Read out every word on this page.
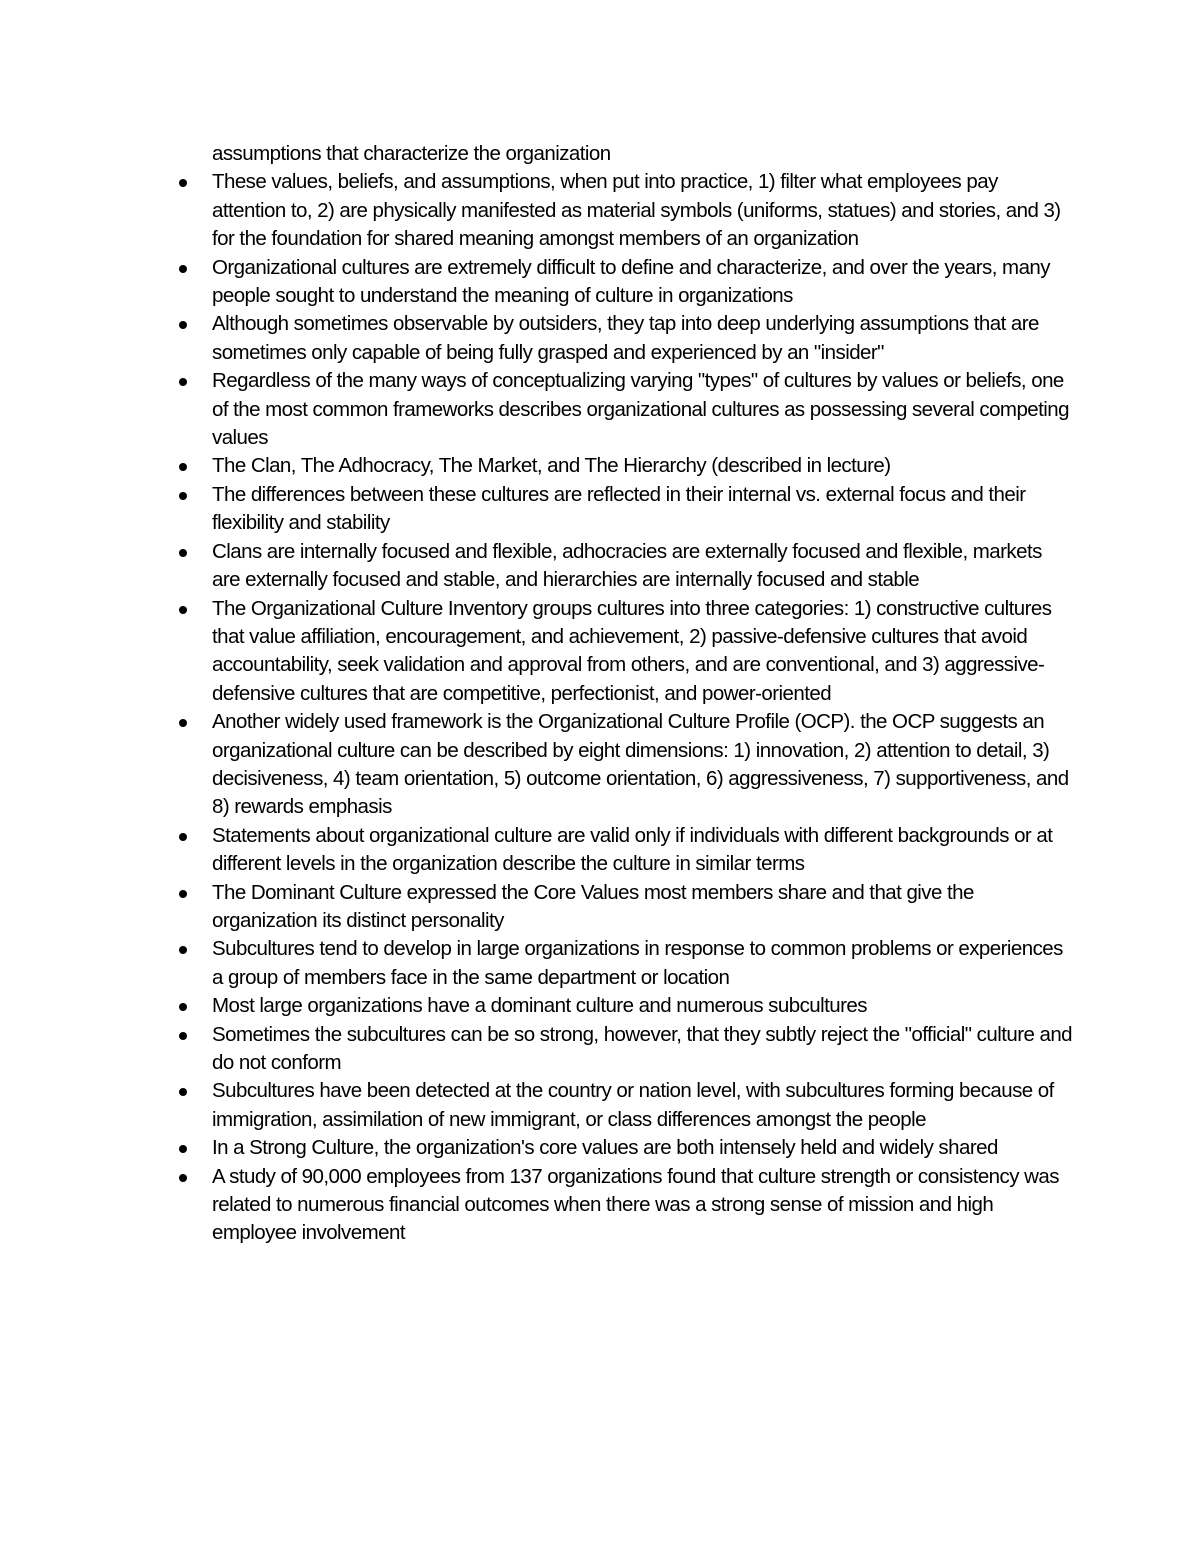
assumptions that characterize the organization

These values, beliefs, and assumptions, when put into practice, 1) filter what employees pay attention to, 2) are physically manifested as material symbols (uniforms, statues) and stories, and 3) for the foundation for shared meaning amongst members of an organization
Organizational cultures are extremely difficult to define and characterize, and over the years, many people sought to understand the meaning of culture in organizations
Although sometimes observable by outsiders, they tap into deep underlying assumptions that are sometimes only capable of being fully grasped and experienced by an "insider"
Regardless of the many ways of conceptualizing varying "types" of cultures by values or beliefs, one of the most common frameworks describes organizational cultures as possessing several competing values
The Clan, The Adhocracy, The Market, and The Hierarchy (described in lecture)
The differences between these cultures are reflected in their internal vs. external focus and their flexibility and stability
Clans are internally focused and flexible, adhocracies are externally focused and flexible, markets are externally focused and stable, and hierarchies are internally focused and stable
The Organizational Culture Inventory groups cultures into three categories: 1) constructive cultures that value affiliation, encouragement, and achievement, 2) passive-defensive cultures that avoid accountability, seek validation and approval from others, and are conventional, and 3) aggressive-defensive cultures that are competitive, perfectionist, and power-oriented
Another widely used framework is the Organizational Culture Profile (OCP). the OCP suggests an organizational culture can be described by eight dimensions: 1) innovation, 2) attention to detail, 3) decisiveness, 4) team orientation, 5) outcome orientation, 6) aggressiveness, 7) supportiveness, and 8) rewards emphasis
Statements about organizational culture are valid only if individuals with different backgrounds or at different levels in the organization describe the culture in similar terms
The Dominant Culture expressed the Core Values most members share and that give the organization its distinct personality
Subcultures tend to develop in large organizations in response to common problems or experiences a group of members face in the same department or location
Most large organizations have a dominant culture and numerous subcultures
Sometimes the subcultures can be so strong, however, that they subtly reject the "official" culture and do not conform
Subcultures have been detected at the country or nation level, with subcultures forming because of immigration, assimilation of new immigrant, or class differences amongst the people
In a Strong Culture, the organization's core values are both intensely held and widely shared
A study of 90,000 employees from 137 organizations found that culture strength or consistency was related to numerous financial outcomes when there was a strong sense of mission and high employee involvement
